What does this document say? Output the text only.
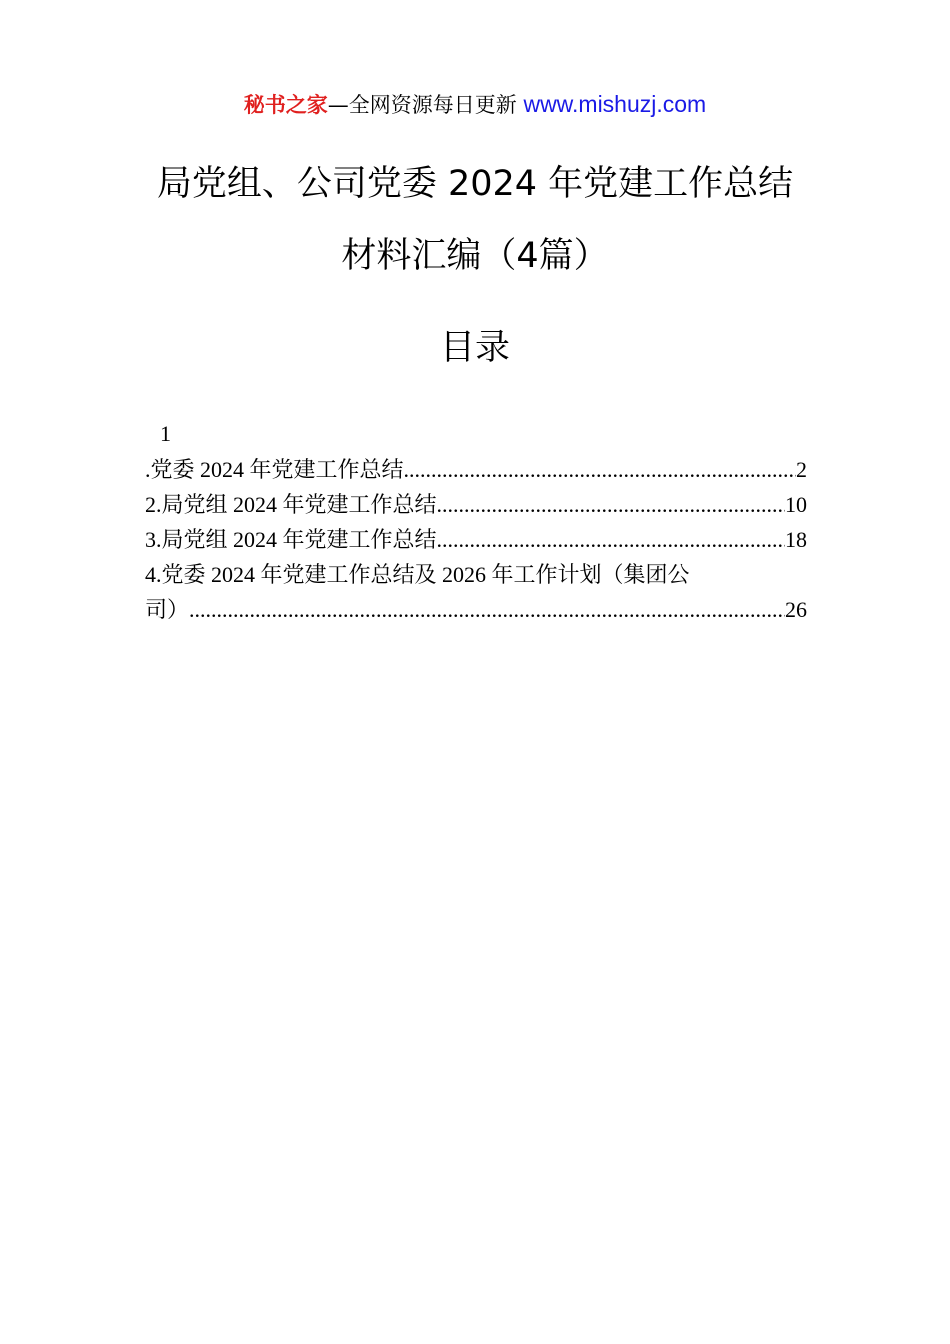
秘书之家—全网资源每日更新 www.mishuzj.com
局党组、公司党委 2024 年党建工作总结
材料汇编（4篇）
目录
1
.党委 2024 年党建工作总结 .....	2
2.局党组 2024 年党建工作总结 .....	10
3.局党组 2024 年党建工作总结 .....	18
4.党委 2024 年党建工作总结及 2026 年工作计划（集团公
司） .....	26
